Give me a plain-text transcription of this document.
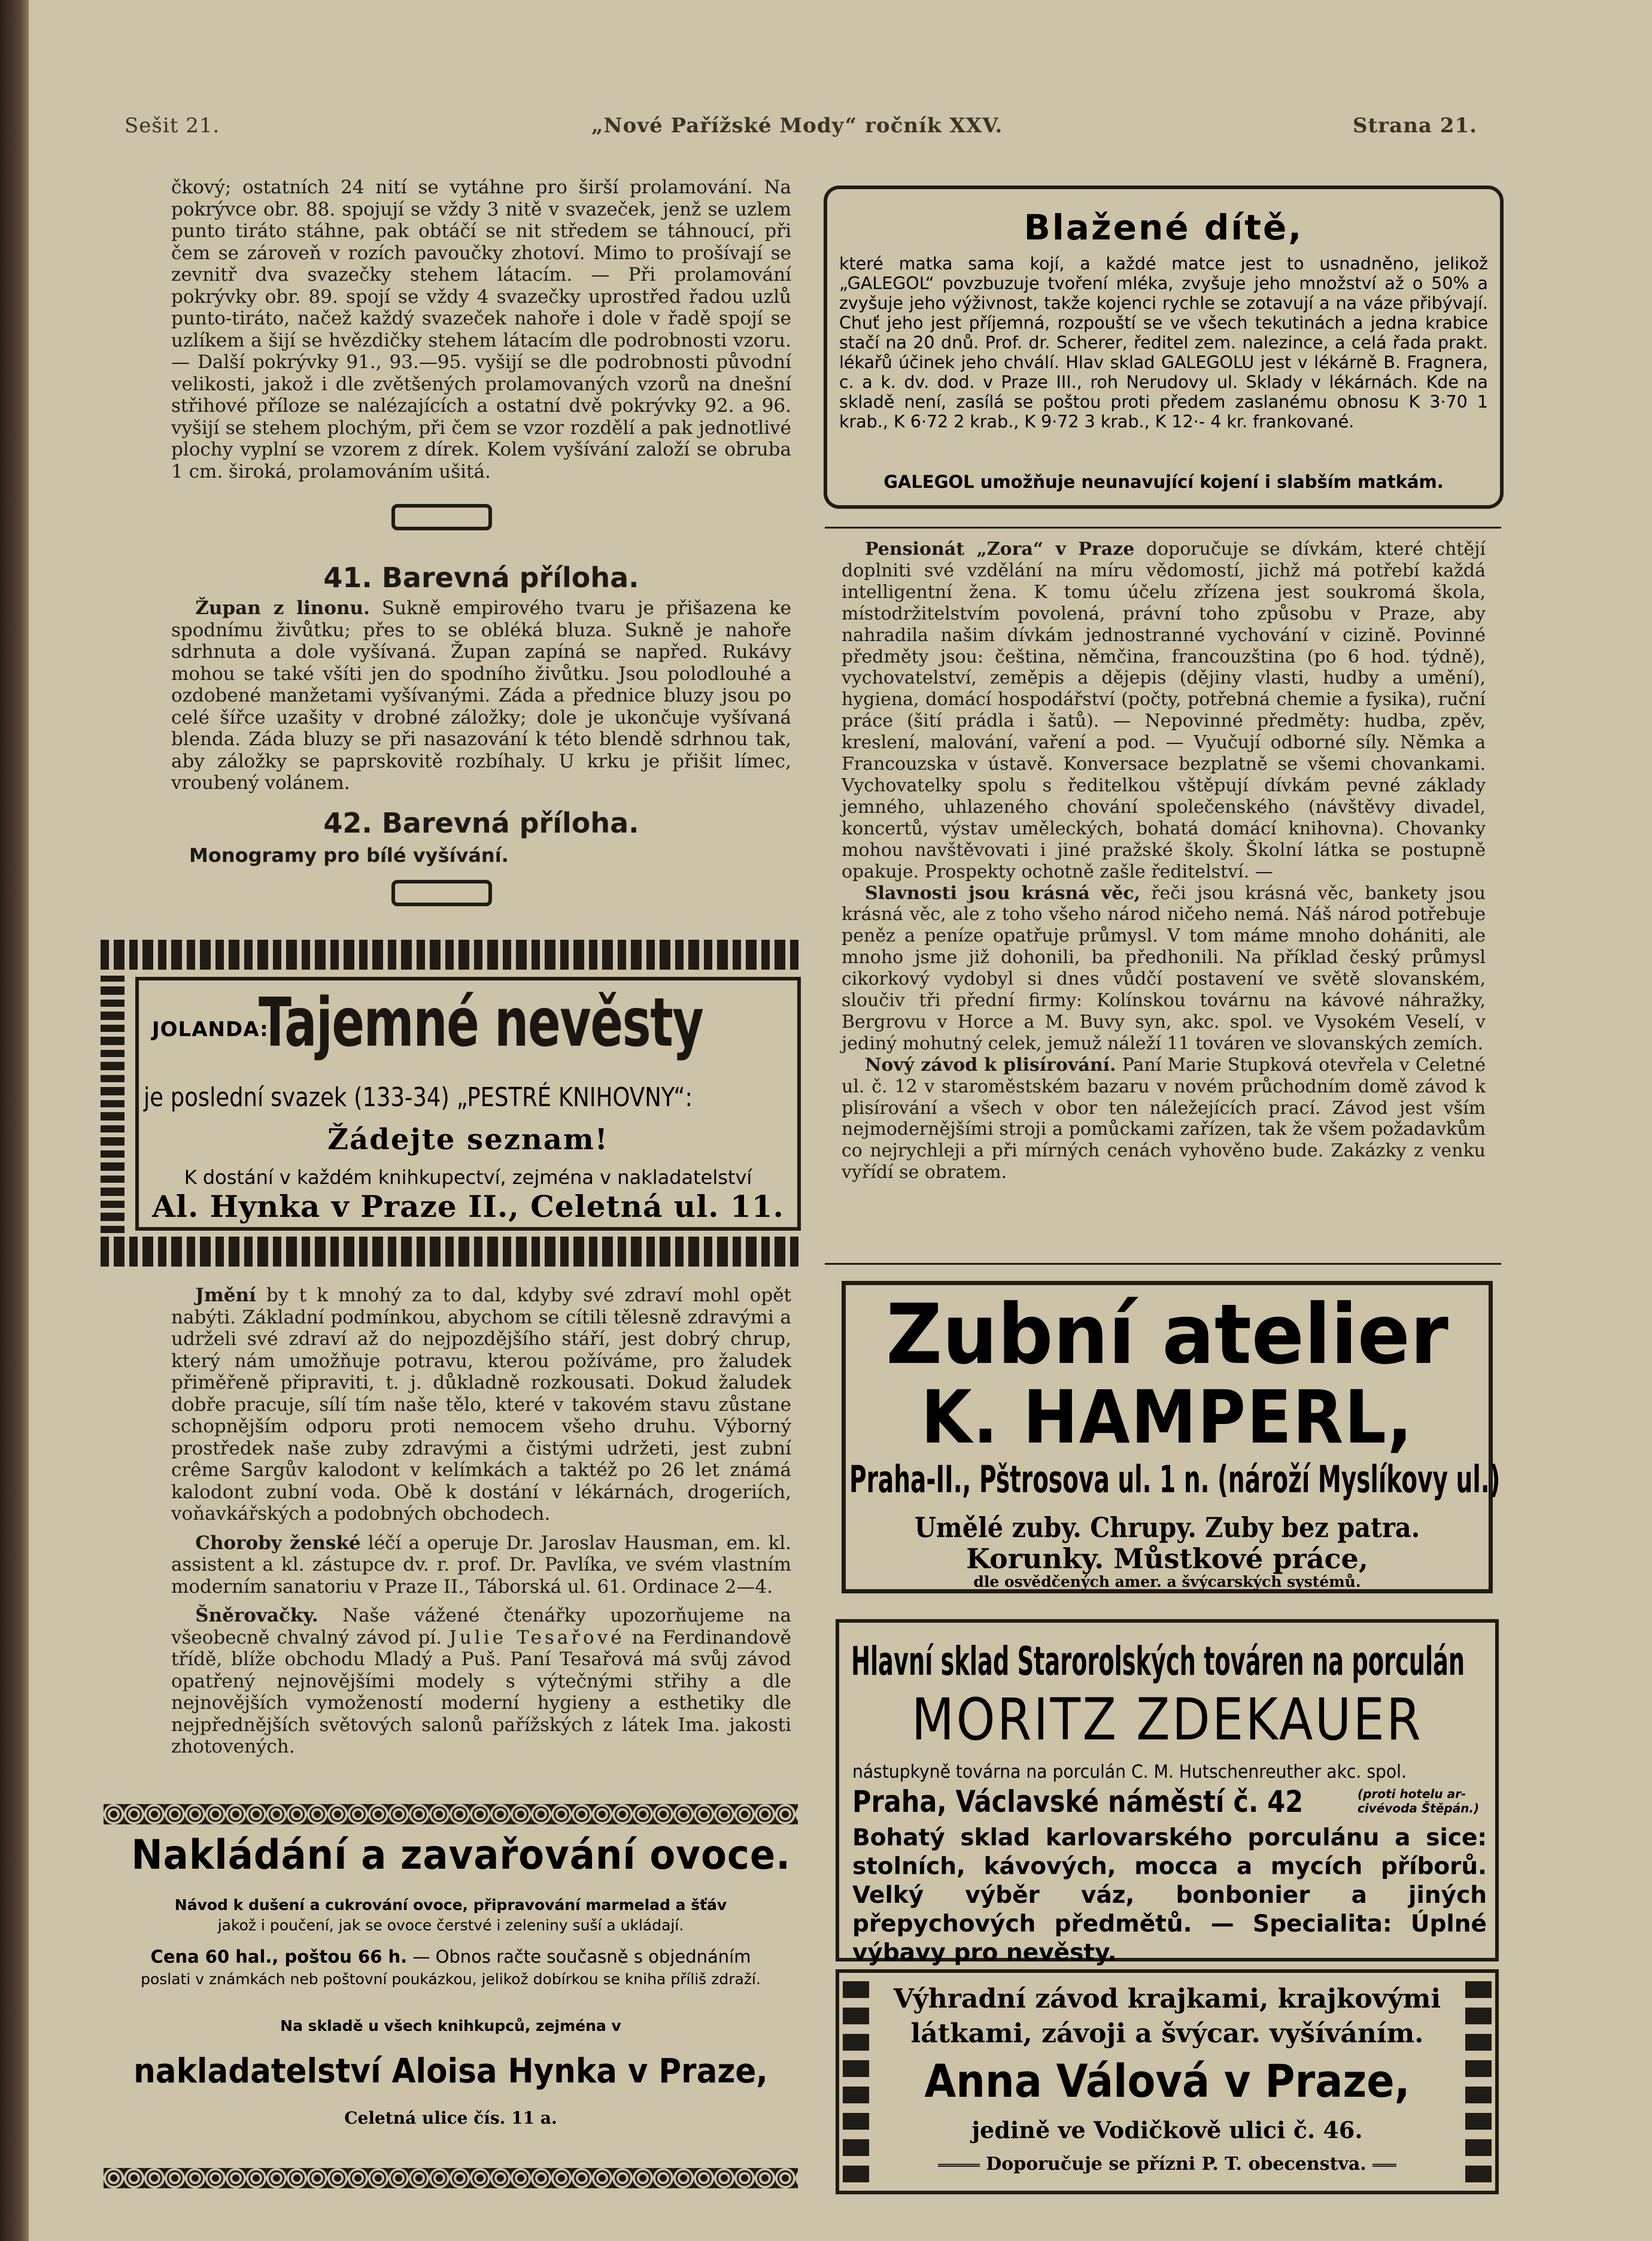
Sešit 21.	„Nové Pařížské Mody“ ročník XXV.	Strana 21.

čkový; ostatních 24 nití se vytáhne pro širší prolamování. Na pokrývce obr. 88. spojují se vždy 3 nitě v svazeček, jenž se uzlem punto tiráto stáhne, pak obtáčí se nit středem se táhnoucí, při čem se zároveň v rozích pavoučky zhotoví. Mimo to prošívají se zevnitř dva svazečky stehem látacím. — Při prolamování pokrývky obr. 89. spojí se vždy 4 svazečky uprostřed řadou uzlů punto-tiráto, načež každý svazeček nahoře i dole v řadě spojí se uzlíkem a šijí se hvězdičky stehem látacím dle podrobnosti vzoru. — Další pokrývky 91., 93.—95. vyšijí se dle podrobnosti původní velikosti, jakož i dle zvětšených prolamovaných vzorů na dnešní střihové příloze se nalézajících a ostatní dvě pokrývky 92. a 96. vyšijí se stehem plochým, při čem se vzor rozdělí a pak jednotlivé plochy vyplní se vzorem z dírek. Kolem vyšívání založí se obruba 1 cm. široká, prolamováním ušitá.

41. Barevná příloha.

Župan z linonu. Sukně empirového tvaru je přišazena ke spodnímu živůtku; přes to se obléká bluza. Sukně je nahoře sdrhnuta a dole vyšívaná. Župan zapíná se napřed. Rukávy mohou se také všíti jen do spodního živůtku. Jsou polodlouhé a ozdobené manžetami vyšívanými. Záda a přednice bluzy jsou po celé šířce uzašity v drobné záložky; dole je ukončuje vyšívaná blenda. Záda bluzy se při nasazování k této blendě sdrhnou tak, aby záložky se paprskovitě rozbíhaly. U krku je přišit límec, vroubený volánem.

42. Barevná příloha.
Monogramy pro bílé vyšívání.
JOLANDA:
Tajemné nevěsty
je poslední svazek (133-34) „PESTRÉ KNIHOVNY“:
Žádejte seznam!
K dostání v každém knihkupectví, zejména v nakladatelství
Al. Hynka v Praze II., Celetná ul. 11.

Jmění by t k mnohý za to dal, kdyby své zdraví mohl opět nabýti. Základní podmínkou, abychom se cítili tělesně zdravými a udrželi své zdraví až do nejpozdějšího stáří, jest dobrý chrup, který nám umožňuje potravu, kterou požíváme, pro žaludek přiměřeně připraviti, t. j. důkladně rozkousati. Dokud žaludek dobře pracuje, sílí tím naše tělo, které v takovém stavu zůstane schopnějším odporu proti nemocem všeho druhu. Výborný prostředek naše zuby zdravými a čistými udržeti, jest zubní crême Sargův kalodont v kelímkách a taktéž po 26 let známá kalodont zubní voda. Obě k dostání v lékárnách, drogeriích, voňavkářských a podobných obchodech.

Choroby ženské léčí a operuje Dr. Jaroslav Hausman, em. kl. assistent a kl. zástupce dv. r. prof. Dr. Pavlíka, ve svém vlastním moderním sanatoriu v Praze II., Táborská ul. 61. Ordinace 2—4.

Šněrovačky. Naše vážené čtenářky upozorňujeme na všeobecně chvalný závod pí. Julie Tesařové na Ferdinandově třídě, blíže obchodu Mladý a Puš. Paní Tesařová má svůj závod opatřený nejnovějšími modely s výtečnými střihy a dle nejnovějších vymožeností moderní hygieny a esthetiky dle nejpřednějších světových salonů pařížských z látek Ima. jakosti zhotovených.

Nakládání a zavařování ovoce.
Návod k dušení a cukrování ovoce, připravování marmelad a šťáv
jakož i poučení, jak se ovoce čerstvé i zeleniny suší a ukládají.
Cena 60 hal., poštou 66 h. — Obnos račte současně s objednáním
poslati v známkách neb poštovní poukázkou, jelikož dobírkou se kniha příliš zdraží.
Na skladě u všech knihkupců, zejména v
nakladatelství Aloisa Hynka v Praze,
Celetná ulice čís. 11 a.
Blažené dítě,
které matka sama kojí, a každé matce jest to usnadněno, jelikož „GALEGOL“ povzbuzuje tvoření mléka, zvyšuje jeho množství až o 50% a zvyšuje jeho výživnost, takže kojenci rychle se zotavují a na váze přibývají. Chuť jeho jest příjemná, rozpouští se ve všech tekutinách a jedna krabice stačí na 20 dnů. Prof. dr. Scherer, ředitel zem. nalezince, a celá řada prakt. lékařů účinek jeho chválí. Hlav sklad GALEGOLU jest v lékárně B. Fragnera, c. a k. dv. dod. v Praze III., roh Nerudovy ul. Sklady v lékárnách. Kde na skladě není, zasílá se poštou proti předem zaslanému obnosu K 3·70 1 krab., K 6·72 2 krab., K 9·72 3 krab., K 12·- 4 kr. frankované.
GALEGOL umožňuje neunavující kojení i slabším matkám.

Pensionát „Zora“ v Praze doporučuje se dívkám, které chtějí doplniti své vzdělání na míru vědomostí, jichž má potřebí každá intelligentní žena. K tomu účelu zřízena jest soukromá škola, místodržitelstvím povolená, právní toho způsobu v Praze, aby nahradila našim dívkám jednostranné vychování v cizině. Povinné předměty jsou: čeština, němčina, francouzština (po 6 hod. týdně), vychovatelství, zeměpis a dějepis (dějiny vlasti, hudby a umění), hygiena, domácí hospodářství (počty, potřebná chemie a fysika), ruční práce (šití prádla i šatů). — Nepovinné předměty: hudba, zpěv, kreslení, malování, vaření a pod. — Vyučují odborné síly. Němka a Francouzska v ústavě. Konversace bezplatně se všemi chovankami. Vychovatelky spolu s ředitelkou vštěpují dívkám pevné základy jemného, uhlazeného chování společenského (návštěvy divadel, koncertů, výstav uměleckých, bohatá domácí knihovna). Chovanky mohou navštěvovati i jiné pražské školy. Školní látka se postupně opakuje. Prospekty ochotně zašle ředitelství. —

Slavnosti jsou krásná věc, řeči jsou krásná věc, bankety jsou krásná věc, ale z toho všeho národ ničeho nemá. Náš národ potřebuje peněz a peníze opatřuje průmysl. V tom máme mnoho dohániti, ale mnoho jsme již dohonili, ba předhonili. Na příklad český průmysl cikorkový vydobyl si dnes vůdčí postavení ve světě slovanském, sloučiv tři přední firmy: Kolínskou továrnu na kávové náhražky, Bergrovu v Horce a M. Buvy syn, akc. spol. ve Vysokém Veselí, v jediný mohutný celek, jemuž náleží 11 továren ve slovanských zemích.

Nový závod k plisírování. Paní Marie Stupková otevřela v Celetné ul. č. 12 v staroměstském bazaru v novém průchodním domě závod k plisírování a všech v obor ten náležejících prací. Závod jest vším nejmodernějšími stroji a pomůckami zařízen, tak že všem požadavkům co nejrychleji a při mírných cenách vyhověno bude. Zakázky z venku vyřídí se obratem.

Zubní atelier
K. HAMPERL,
Praha-II., Pštrosova ul. 1 n. (nároží Myslíkovy ul.)
Umělé zuby. Chrupy. Zuby bez patra.
Korunky. Můstkové práce,
dle osvědčených amer. a švýcarských systémů.
Hlavní sklad Starorolských továren na porculán
MORITZ ZDEKAUER
nástupkyně továrna na porculán C. M. Hutschenreuther akc. spol.
Praha, Václavské náměstí č. 42	(proti hotelu ar-
civévoda Štěpán.)
Bohatý sklad karlovarského porculánu a sice: stolních, kávových, mocca a mycích příborů. Velký výběr váz, bonbonier a jiných přepychových předmětů. — Specialita: Úplné výbavy pro nevěsty.
Výhradní závod krajkami, krajkovými
látkami, závoji a švýcar. vyšíváním.
Anna Válová v Praze,
jedině ve Vodičkově ulici č. 46.
Doporučuje se přízni P. T. obecenstva.
